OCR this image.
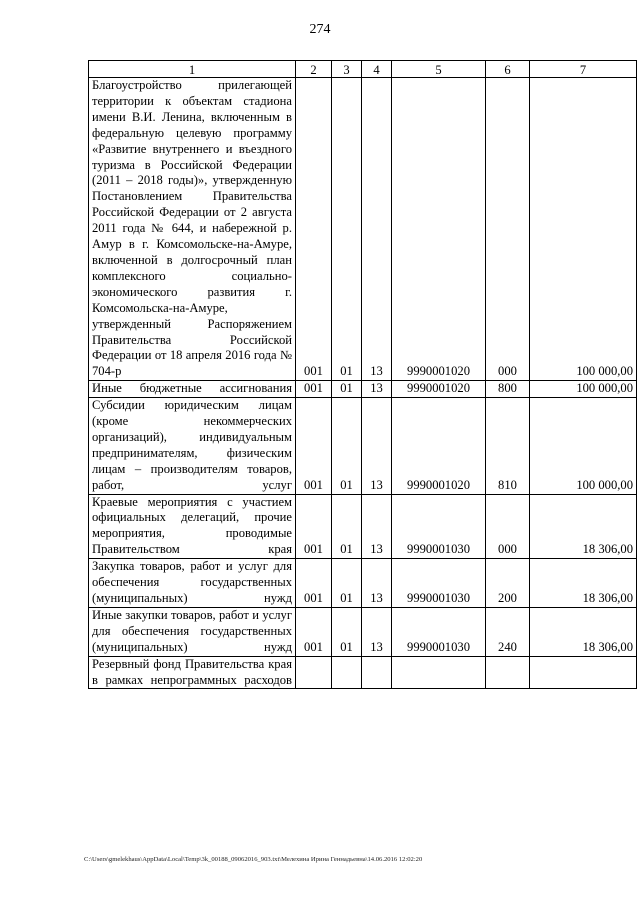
274
1	2	3	4	5	6	7
Благоустройство прилегающей территории к объектам стадиона имени В.И. Ленина, включенным в федеральную целевую программу «Развитие внутреннего и въездного туризма в Российской Федерации (2011 – 2018 годы)», утвержденную Постановлением Правительства Российской Федерации от 2 августа 2011 года № 644, и набережной р. Амур в г. Комсомольске-на-Амуре, включенной в долгосрочный план комплексного социально-экономического развития г. Комсомольска-на-Амуре, утвержденный Распоряжением Правительства Российской Федерации от 18 апреля 2016 года № 704-р	001	01	13	9990001020	000	100 000,00
Иные бюджетные ассигнования	001	01	13	9990001020	800	100 000,00
Субсидии юридическим лицам (кроме некоммерческих организаций), индивидуальным предпринимателям, физическим лицам – производителям товаров, работ, услуг	001	01	13	9990001020	810	100 000,00
Краевые мероприятия с участием официальных делегаций, прочие мероприятия, проводимые Правительством края	001	01	13	9990001030	000	18 306,00
Закупка товаров, работ и услуг для обеспечения государственных (муниципальных) нужд	001	01	13	9990001030	200	18 306,00
Иные закупки товаров, работ и услуг для обеспечения государственных (муниципальных) нужд	001	01	13	9990001030	240	18 306,00
Резервный фонд Правительства края в рамках непрограммных расходов						
C:\Users\gmelekhaus\AppData\Local\Temp\3k_00188_09062016_903.txt\Мелехина Ирина Геннадьевна\14.06.2016 12:02:20
